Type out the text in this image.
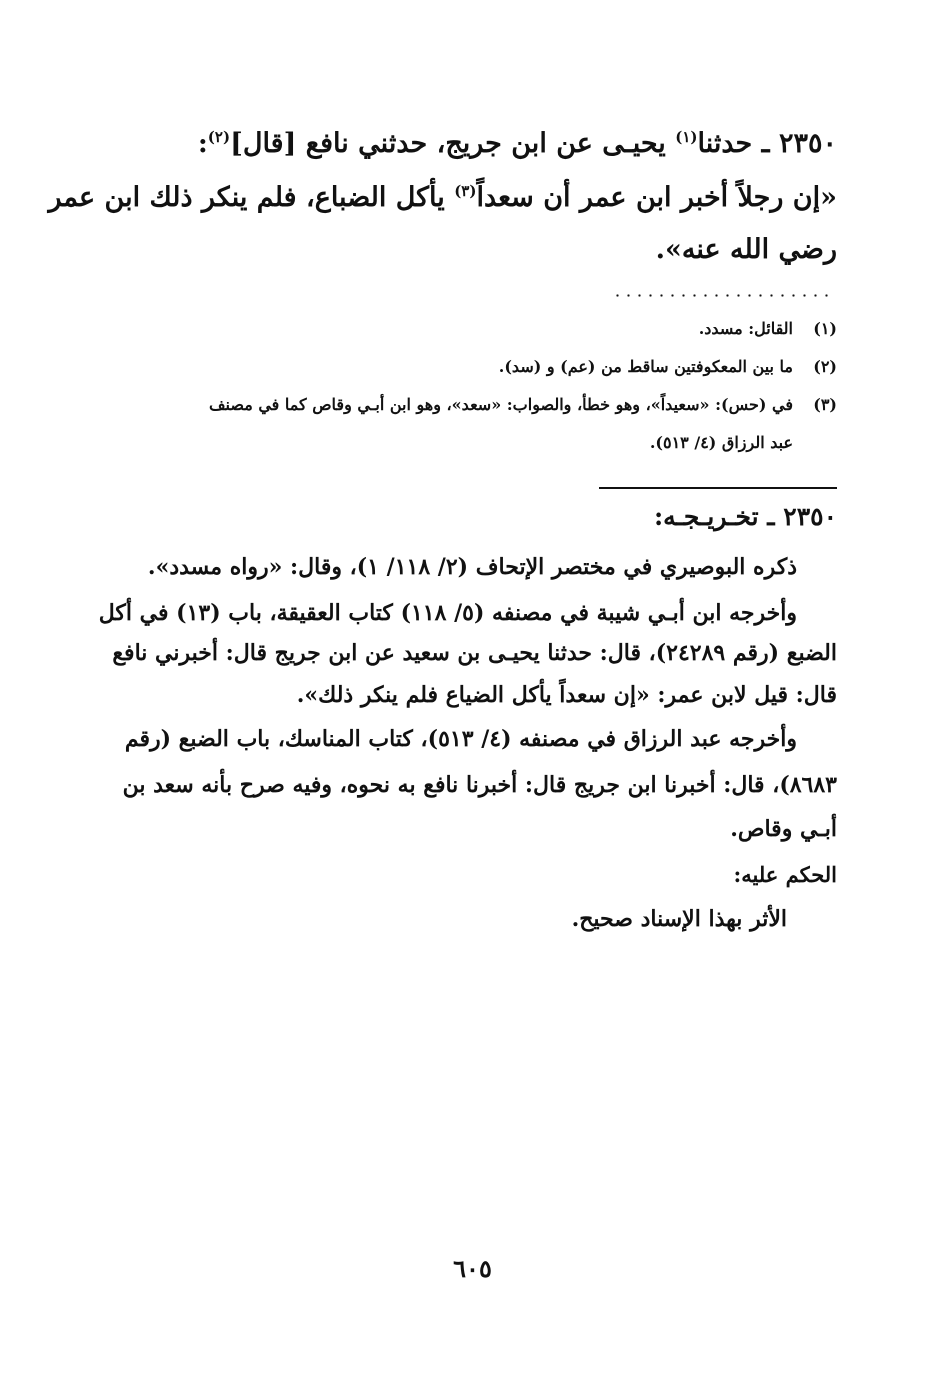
٢٣٥٠ ـ حدثنا$^{(١)}$ يحيـى عن ابن جريج، حدثني نافع [قال]$^{(٢)}$:
«إن رجلاً أخبر ابن عمر أن سعداً$^{(٣)}$ يأكل الضباع، فلم ينكر ذلك ابن عمر
رضي الله عنه».
(١)القائل: مسدد.
(٢)ما بين المعكوفتين ساقط من (عم) و (سد).
(٣)في (حس): «سعيداً»، وهو خطأ، والصواب: «سعد»، وهو ابن أبـي وقاص كما في مصنف
عبد الرزاق (٤/ ٥١٣).
٢٣٥٠ ـ تخـريـجـه:
ذكره البوصيري في مختصر الإتحاف (٢/ ١١٨/ ١)، وقال: «رواه مسدد».
وأخرجه ابن أبـي شيبة في مصنفه (٥/ ١١٨) كتاب العقيقة، باب (١٣) في أكل
الضبع (رقم ٢٤٢٨٩)، قال: حدثنا يحيـى بن سعيد عن ابن جريج قال: أخبرني نافع
قال: قيل لابن عمر: «إن سعداً يأكل الضياع فلم ينكر ذلك».
وأخرجه عبد الرزاق في مصنفه (٤/ ٥١٣)، كتاب المناسك، باب الضبع (رقم
٨٦٨٣)، قال: أخبرنا ابن جريج قال: أخبرنا نافع به نحوه، وفيه صرح بأنه سعد بن
أبـي وقاص.
الحكم عليه:
الأثر بهذا الإسناد صحيح.
٦٠٥
